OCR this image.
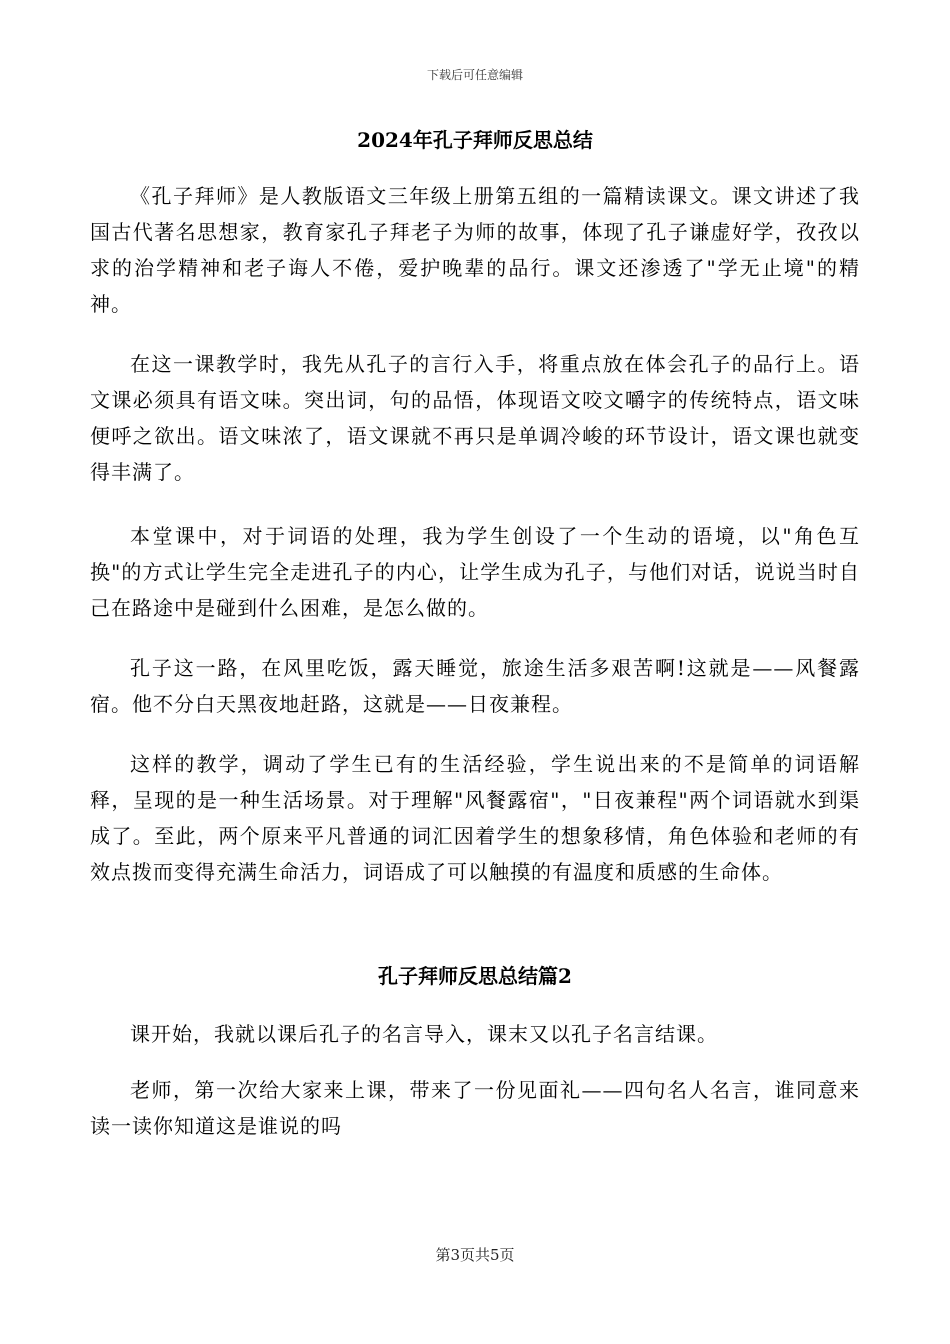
下载后可任意编辑
2024年孔子拜师反思总结

《孔子拜师》是人教版语文三年级上册第五组的一篇精读课文。课文讲述了我国古代著名思想家，教育家孔子拜老子为师的故事，体现了孔子谦虚好学，孜孜以求的治学精神和老子诲人不倦，爱护晚辈的品行。课文还渗透了"学无止境"的精神。

在这一课教学时，我先从孔子的言行入手，将重点放在体会孔子的品行上。语文课必须具有语文味。突出词，句的品悟，体现语文咬文嚼字的传统特点，语文味便呼之欲出。语文味浓了，语文课就不再只是单调冷峻的环节设计，语文课也就变得丰满了。

本堂课中，对于词语的处理，我为学生创设了一个生动的语境，以"角色互换"的方式让学生完全走进孔子的内心，让学生成为孔子，与他们对话，说说当时自己在路途中是碰到什么困难，是怎么做的。

孔子这一路，在风里吃饭，露天睡觉，旅途生活多艰苦啊!这就是——风餐露宿。他不分白天黑夜地赶路，这就是——日夜兼程。

这样的教学，调动了学生已有的生活经验，学生说出来的不是简单的词语解释，呈现的是一种生活场景。对于理解"风餐露宿"，"日夜兼程"两个词语就水到渠成了。至此，两个原来平凡普通的词汇因着学生的想象移情，角色体验和老师的有效点拨而变得充满生命活力，词语成了可以触摸的有温度和质感的生命体。

孔子拜师反思总结篇2

课开始，我就以课后孔子的名言导入，课末又以孔子名言结课。

老师，第一次给大家来上课，带来了一份见面礼——四句名人名言，谁同意来读一读你知道这是谁说的吗

第3页共5页
